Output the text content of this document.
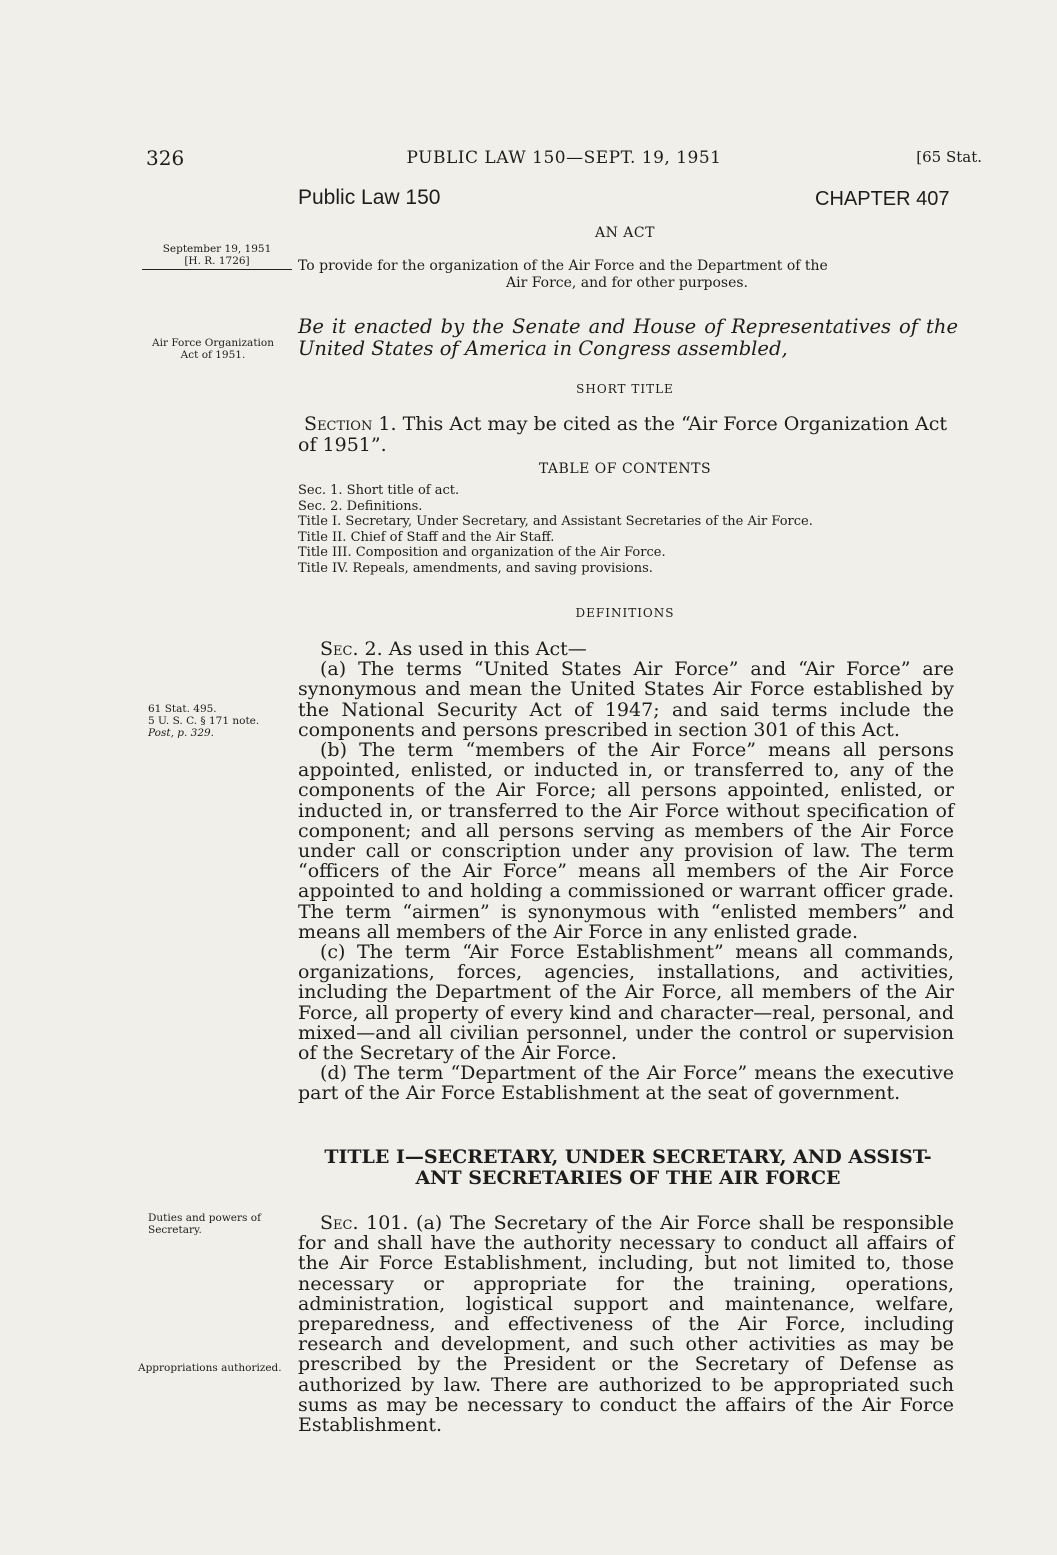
326	PUBLIC LAW 150—SEPT. 19, 1951	[65 Stat.
Public Law 150	CHAPTER 407
September 19, 1951
[H. R. 1726]
Air Force Organization Act of 1951.
61 Stat. 495.
5 U. S. C. § 171 note.
Post, p. 329.
Duties and powers of Secretary.
Appropriations authorized.
AN ACT
To provide for the organization of the Air Force and the Department of the
Air Force, and for other purposes.
Be it enacted by the Senate and House of Representatives of the United States of America in Congress assembled,
SHORT TITLE
Section 1. This Act may be cited as the “Air Force Organization Act of 1951”.
TABLE OF CONTENTS
Sec. 1. Short title of act.
Sec. 2. Definitions.
Title I. Secretary, Under Secretary, and Assistant Secretaries of the Air Force.
Title II. Chief of Staff and the Air Staff.
Title III. Composition and organization of the Air Force.
Title IV. Repeals, amendments, and saving provisions.
DEFINITIONS

Sec. 2. As used in this Act—

(a) The terms “United States Air Force” and “Air Force” are synonymous and mean the United States Air Force established by the National Security Act of 1947; and said terms include the components and persons prescribed in section 301 of this Act.

(b) The term “members of the Air Force” means all persons appointed, enlisted, or inducted in, or transferred to, any of the components of the Air Force; all persons appointed, enlisted, or inducted in, or transferred to the Air Force without specification of component; and all persons serving as members of the Air Force under call or conscription under any provision of law. The term “officers of the Air Force” means all members of the Air Force appointed to and holding a commissioned or warrant officer grade. The term “airmen” is synonymous with “enlisted members” and means all members of the Air Force in any enlisted grade.

(c) The term “Air Force Establishment” means all commands, organizations, forces, agencies, installations, and activities, including the Department of the Air Force, all members of the Air Force, all property of every kind and character—real, personal, and mixed—and all civilian personnel, under the control or supervision of the Secretary of the Air Force.

(d) The term “Department of the Air Force” means the executive part of the Air Force Establishment at the seat of government.

TITLE I—SECRETARY, UNDER SECRETARY, AND ASSIST-
ANT SECRETARIES OF THE AIR FORCE

Sec. 101. (a) The Secretary of the Air Force shall be responsible for and shall have the authority necessary to conduct all affairs of the Air Force Establishment, including, but not limited to, those necessary or appropriate for the training, operations, administration, logistical support and maintenance, welfare, preparedness, and effectiveness of the Air Force, including research and development, and such other activities as may be prescribed by the President or the Secretary of Defense as authorized by law. There are authorized to be appropriated such sums as may be necessary to conduct the affairs of the Air Force Establishment.
